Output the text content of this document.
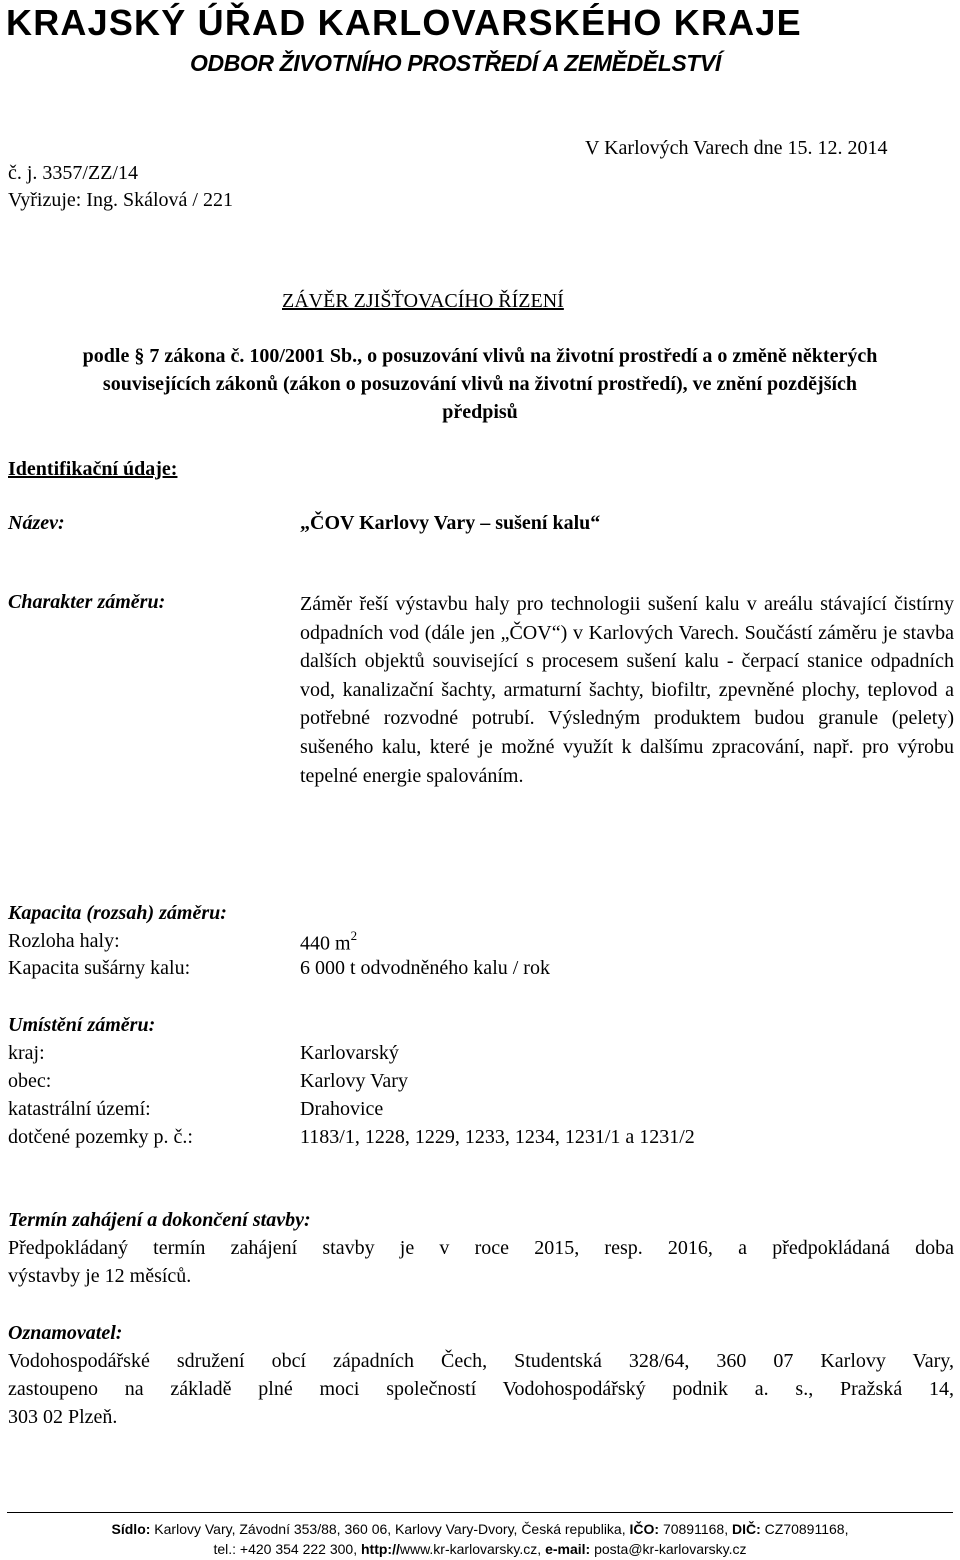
KRAJSKÝ ÚŘAD KARLOVARSKÉHO KRAJE
ODBOR ŽIVOTNÍHO PROSTŘEDÍ A ZEMĚDĚLSTVÍ
V Karlových Varech dne 15. 12. 2014
č. j. 3357/ZZ/14
Vyřizuje: Ing. Skálová / 221
ZÁVĚR ZJIŠŤOVACÍHO ŘÍZENÍ
podle § 7 zákona č. 100/2001 Sb., o posuzování vlivů na životní prostředí a o změně některých
souvisejících zákonů (zákon o posuzování vlivů na životní prostředí), ve znění pozdějších
předpisů
Identifikační údaje:
Název:	„ČOV Karlovy Vary – sušení kalu“
Charakter záměru:	Záměr řeší výstavbu haly pro technologii sušení kalu v areálu stávající čistírny odpadních vod (dále jen „ČOV“) v Karlových Varech. Součástí záměru je stavba dalších objektů související s procesem sušení kalu - čerpací stanice odpadních vod, kanalizační šachty, armaturní šachty, biofiltr, zpevněné plochy, teplovod a potřebné rozvodné potrubí. Výsledným produktem budou granule (pelety) sušeného kalu, které je možné využít k dalšímu zpracování, např. pro výrobu tepelné energie spalováním.
Kapacita (rozsah) záměru:
Rozloha haly:	440 $m^2$
Kapacita sušárny kalu:	6 000 t odvodněného kalu / rok
Umístění záměru:
kraj:	Karlovarský
obec:	Karlovy Vary
katastrální území:	Drahovice
dotčené pozemky p. č.:	1183/1, 1228, 1229, 1233, 1234, 1231/1 a 1231/2
Termín zahájení a dokončení stavby:
Předpokládaný termín zahájení stavby je v roce 2015, resp. 2016, a předpokládaná doba
výstavby je 12 měsíců.
Oznamovatel:
Vodohospodářské sdružení obcí západních Čech, Studentská 328/64, 360 07 Karlovy Vary,
zastoupeno na základě plné moci společností Vodohospodářský podnik a. s., Pražská 14,
303 02 Plzeň.
Sídlo: Karlovy Vary, Závodní 353/88, 360 06, Karlovy Vary-Dvory, Česká republika, IČO: 70891168, DIČ: CZ70891168,
tel.: +420 354 222 300, http://www.kr-karlovarsky.cz, e-mail: posta@kr-karlovarsky.cz
